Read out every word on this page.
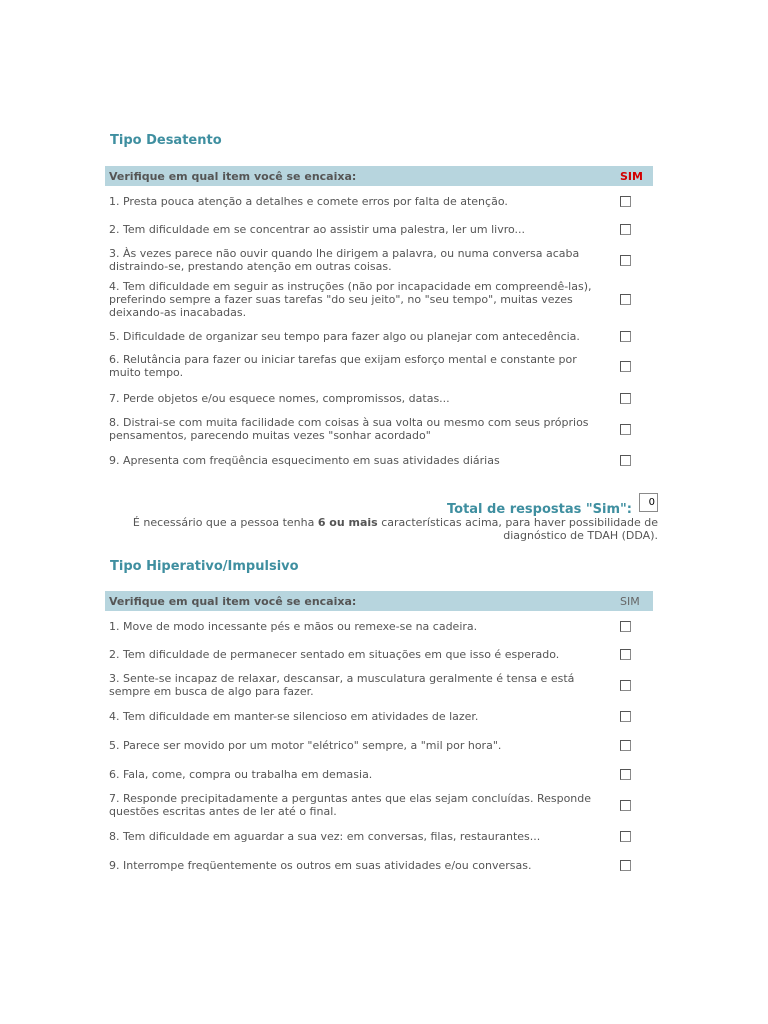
Tipo Desatento
Verifique em qual item você se encaixa:	SIM
1. Presta pouca atenção a detalhes e comete erros por falta de atenção.
2. Tem dificuldade em se concentrar ao assistir uma palestra, ler um livro...
3. Às vezes parece não ouvir quando lhe dirigem a palavra, ou numa conversa acaba distraindo-se, prestando atenção em outras coisas.
4. Tem dificuldade em seguir as instruções (não por incapacidade em compreendê-las), preferindo sempre a fazer suas tarefas "do seu jeito", no "seu tempo", muitas vezes deixando-as inacabadas.
5. Dificuldade de organizar seu tempo para fazer algo ou planejar com antecedência.
6. Relutância para fazer ou iniciar tarefas que exijam esforço mental e constante por muito tempo.
7. Perde objetos e/ou esquece nomes, compromissos, datas...
8. Distrai-se com muita facilidade com coisas à sua volta ou mesmo com seus próprios pensamentos, parecendo muitas vezes "sonhar acordado"
9. Apresenta com freqüência esquecimento em suas atividades diárias
Total de respostas "Sim":	0
É necessário que a pessoa tenha 6 ou mais características acima, para haver possibilidade de diagnóstico de TDAH (DDA).
Tipo Hiperativo/Impulsivo
Verifique em qual item você se encaixa:	SIM
1. Move de modo incessante pés e mãos ou remexe-se na cadeira.
2. Tem dificuldade de permanecer sentado em situações em que isso é esperado.
3. Sente-se incapaz de relaxar, descansar, a musculatura geralmente é tensa e está sempre em busca de algo para fazer.
4. Tem dificuldade em manter-se silencioso em atividades de lazer.
5. Parece ser movido por um motor "elétrico" sempre, a "mil por hora".
6. Fala, come, compra ou trabalha em demasia.
7. Responde precipitadamente a perguntas antes que elas sejam concluídas. Responde questões escritas antes de ler até o final.
8. Tem dificuldade em aguardar a sua vez: em conversas, filas, restaurantes...
9. Interrompe freqüentemente os outros em suas atividades e/ou conversas.
